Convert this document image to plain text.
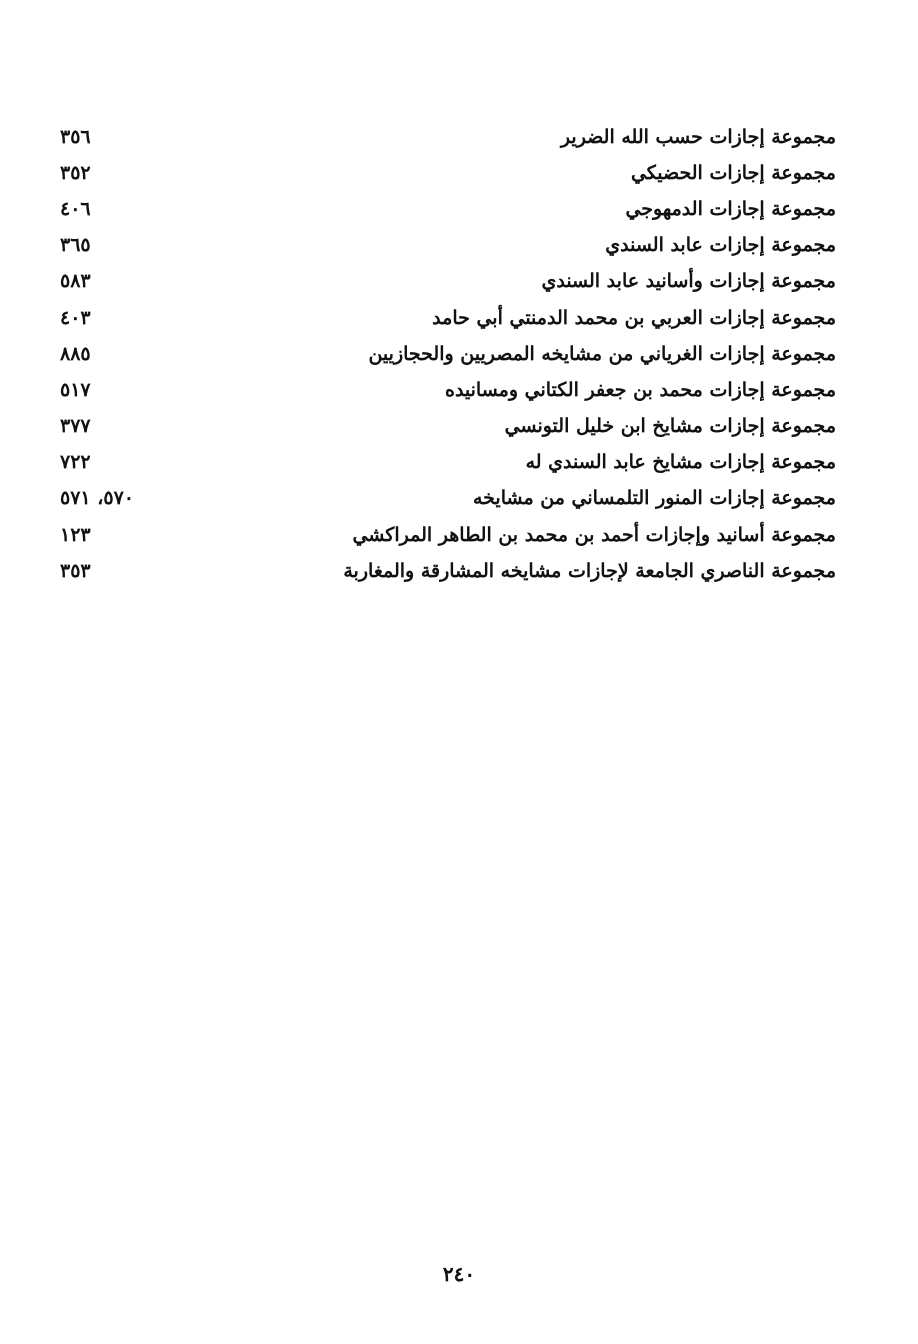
مجموعة إجازات حسب الله الضرير
٣٥٦
مجموعة إجازات الحضيكي
٣٥٢
مجموعة إجازات الدمهوجي
٤٠٦
مجموعة إجازات عابد السندي
٣٦٥
مجموعة إجازات وأسانيد عابد السندي
٥٨٣
مجموعة إجازات العربي بن محمد الدمنتي أبي حامد
٤٠٣
مجموعة إجازات الغرياني من مشايخه المصريين والحجازيين
٨٨٥
مجموعة إجازات محمد بن جعفر الكتاني ومسانيده
٥١٧
مجموعة إجازات مشايخ ابن خليل التونسي
٣٧٧
مجموعة إجازات مشايخ عابد السندي له
٧٢٢
مجموعة إجازات المنور التلمساني من مشايخه
٥٧٠، ٥٧١
مجموعة أسانيد وإجازات أحمد بن محمد بن الطاهر المراكشي
١٢٣
مجموعة الناصري الجامعة لإجازات مشايخه المشارقة والمغاربة
٣٥٣
٢٤٠
